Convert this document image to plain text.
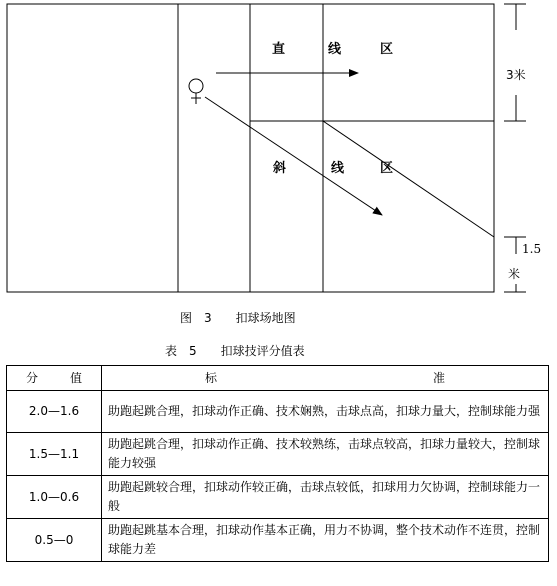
直	线	区
斜	线	区
3米
1.5
米
图　3　　扣球场地图
表　5　　扣球技评分值表
分 值	标 准

2.0—1.6	助跑起跳合理，扣球动作正确、技术娴熟，击球点高，扣球力量大，控制球能力强
1.5—1.1	助跑起跳合理，扣球动作正确、技术较熟练，击球点较高，扣球力量较大，控制球能力较强
1.0—0.6	助跑起跳较合理，扣球动作较正确，击球点较低，扣球用力欠协调，控制球能力一般
0.5—0	助跑起跳基本合理，扣球动作基本正确，用力不协调，整个技术动作不连贯，控制球能力差
